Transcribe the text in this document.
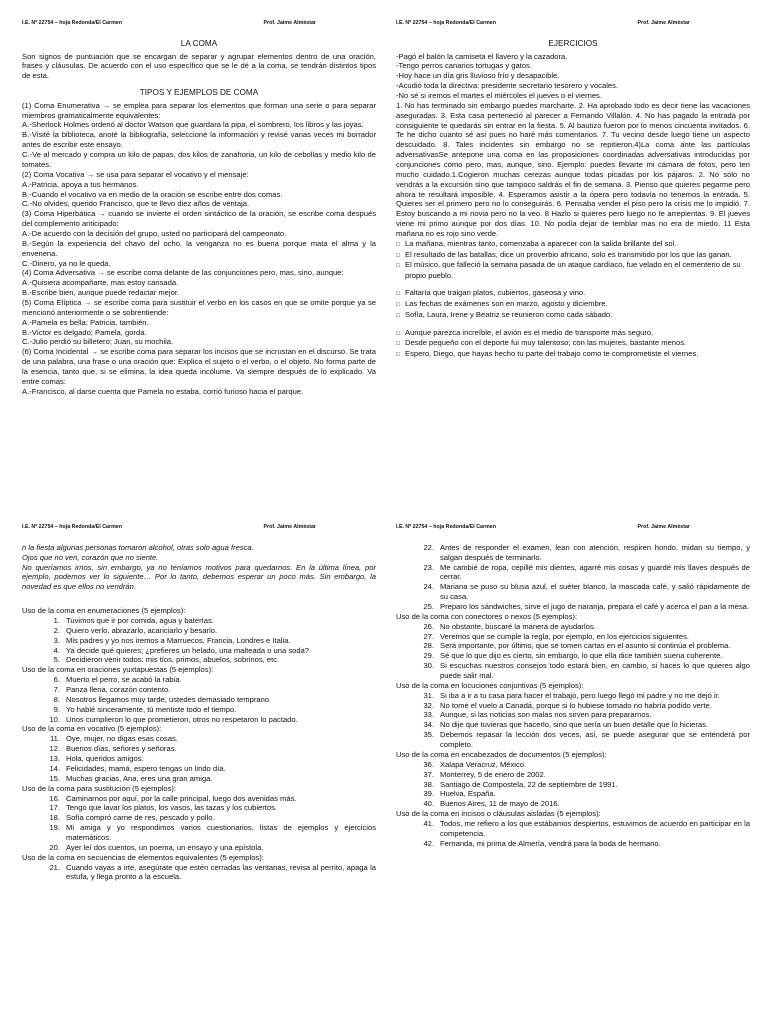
I.E. Nº 22754 – hoja Redonda/El Carmen	Prof. Jaime Alméstar

LA COMA

Son signos de puntuación que se encargan de separar y agrupar elementos dentro de una oración, frases y cláusulas. De acuerdo con el uso específico que se le dé a la coma, se tendrán distintos tipos de esta.

TIPOS Y EJEMPLOS DE COMA

(1) Coma Enumerativa → se emplea para separar los elementos que forman una serie o para separar miembros gramaticalmente equivalentes:

A.-Sherlock Holmes ordenó al doctor Watson que guardara la pipa, el sombrero, los libros y las joyas.

B.-Visité la biblioteca, anoté la bibliografía, seleccioné la información y revisé varias veces mi borrador antes de escribir este ensayo.

C.-Ve al mercado y compra un kilo de papas, dos kilos de zanahoria, un kilo de cebollas y medio kilo de tomates.

(2) Coma Vocativa → se usa para separar el vocativo y el mensaje:

A.-Patricia, apoya a tus hermanos.

B.-Cuando el vocativo va en medio de la oración se escribe entre dos comas.

C.-No olvides, querido Francisco, que te llevo diez años de ventaja.

(3) Coma Hiperbática → cuando se invierte el orden sintáctico de la oración, se escribe coma después del complemento anticipado:

A.-De acuerdo con la decisión del grupo, usted no participará del campeonato.

B.-Según la experiencia del chavo del ocho, la venganza no es buena porque mata el alma y la envenena.

C.-Dinero, ya no le queda.

(4) Coma Adversativa → se escribe coma delante de las conjunciones pero, mas, sino, aunque:

A.-Quisiera acompañarte, mas estoy cansada.

B.-Escribe bien, aunque puede redactar mejor.

(5) Coma Elíptica → se escribe coma para sustituir el verbo en los casos en que se omite porque ya se mencionó anteriormente o se sobrentiende:

A.-Pamela es bella; Patricia, también.

B.-Víctor es delgado; Pamela, gorda.

C.-Julio perdió su billetero; Juan, su mochila.

(6) Coma Incidental → se escribe coma para separar los incisos que se incrustan en el discurso. Se trata de una palabra, una frase o una oración que: Explica el sujeto o el verbo, o el objeto. No forma parte de la esencia, tanto que, si se elimina, la idea queda incólume. Va siempre después de lo explicado. Va entre comas:

A.-Francisco, al darse cuenta que Pamela no estaba, corrió furioso hacia el parque.

I.E. Nº 22754 – hoja Redonda/El Carmen	Prof. Jaime Alméstar

EJERCICIOS

-Pagó el balón la camiseta el llavero y la cazadora.

-Tengo perros canarios tortugas y gatos.

-Hoy hace un día gris lluvioso frío y desapacible.

-Acudió toda la directiva: presidente secretario tesorero y vocales.

-No sé si iremos el martes el miércoles el jueves o el viernes.

1. No has terminado sin embargo puedes marcharte. 2. Ha aprobado todo es decir tiene las vacaciones aseguradas. 3. Esta casa perteneció al parecer a Fernando Villalón. 4. No has pagado la entrada por consiguiente te quedarás sin entrar en la fiesta. 5. Al bautizo fueron por lo menos cincuenta invitados. 6. Te he dicho cuanto sé así pues no haré más comentarios. 7. Tu vecino desde luego tiene un aspecto descuidado. 8. Tales incidentes sin embargo no se repitieron.4)La coma ante las partículas adversativasSe antepone una coma en las proposiciones coordinadas adversativas introducidas por conjunciones como pero, mas, aunque, sino. Ejemplo: puedes llevarte mi cámara de fotos, pero ten mucho cuidado.1.Cogieron muchas cerezas aunque todas picadas por los pájaros. 2. No sólo no vendrás a la excursión sino que tampoco saldrás el fin de semana. 3. Pienso que quieres pegarme pero ahora te resultará imposible. 4. Esperamos asistir a la ópera pero todavía no tenemos la entrada. 5. Quieres ser el primero pero no lo conseguirás. 6. Pensaba vender el piso pero la crisis me lo impidió. 7. Estoy buscando a mi novia pero no la veo. 8 Hazlo si quieres pero luego no te arrepientas. 9. El jueves viene mi primo aunque por dos días. 10. No podía dejar de temblar mas no era de miedo. 11 Esta mañana no es rojo sino verde.

□ La mañana, mientras tanto, comenzaba a aparecer con la salida brillante del sol.

□ El resultado de las batallas, dice un proverbio africano, solo es transmitido por los que las ganan.

□ El músico, que falleció la semana pasada de un ataque cardíaco, fue velado en el cementerio de su propio pueblo.

□ Faltaría que traigan platos, cubiertos, gaseosa y vino.

□ Las fechas de exámenes son en marzo, agosto y diciembre.

□ Sofía, Laura, Irene y Beatriz se reunieron como cada sábado.

□ Aunque parezca increíble, el avión es el medio de transporte más seguro.

□ Desde pequeño con el deporte fui muy talentoso; con las mujeres, bastante menos.

□ Espero, Diego, que hayas hecho tu parte del trabajo como te comprometiste el viernes.

I.E. Nº 22754 – hoja Redonda/El Carmen	Prof. Jaime Alméstar

n la fiesta algunas personas tomaron alcohol, otras solo agua fresca.

Ojos que no ven, corazón que no siente.

No queríamos irnos, sin embargo, ya no teníamos motivos para quedarnos. En la última línea, por ejemplo, podemos ver lo siguiente… Por lo tanto, debemos esperar un poco más. Sin embargo, la novedad es que ellos no vendrán.

Uso de la coma en enumeraciones (5 ejemplos):

1. Tuvimos que ir por comida, agua y baterías.
2. Quiero verlo, abrazarlo, acariciarlo y besarlo.
3. Mis padres y yo nos iremos a Marruecos, Francia, Londres e Italia.
4. Ya decide qué quieres; ¿prefieres un helado, una malteada o una soda?
5. Decidieron venir todos: mis tíos, primos, abuelos, sobrinos, etc.

Uso de la coma en oraciones yuxtapuestas (5 ejemplos):

6. Muerto el perro, se acabó la rabia.
7. Panza llena, corazón contento.
8. Nosotros llegamos muy tarde, ustedes demasiado temprano.
9. Yo hablé sinceramente, tú mentiste todo el tiempo.
10. Unos cumplieron lo que prometieron, otros no respetaron lo pactado.

Uso de la coma en vocativo (5 ejemplos):

11. Oye, mujer, no digas esas cosas.
12. Buenos días, señores y señoras.
13. Hola, queridos amigos.
14. Felicidades, mamá, espero tengas un lindo día.
15. Muchas gracias, Ana, eres una gran amiga.

Uso de la coma para sustitución (5 ejemplos):

16. Caminarnos por aquí, por la calle principal, luego dos avenidas más.
17. Tengo que lavar los platos, los vasos, las tazas y los cubiertos.
18. Sofía compró carne de res, pescado y pollo.
19. Mi amiga y yo respondimos varios cuestionarios, listas de ejemplos y ejercicios matemáticos.
20. Ayer leí dos cuentos, un poema, un ensayo y una epístola.

Uso de la coma en secuencias de elementos equivalentes (5 ejemplos):

21. Cuando vayas a irte, asegúrate que estén cerradas las ventanas, revisa al perrito, apaga la estufa, y llega pronto a la escuela.
I.E. Nº 22754 – hoja Redonda/El Carmen	Prof. Jaime Alméstar
22. Antes de responder el examen, lean con atención, respiren hondo, midan su tiempo, y salgan después de terminarlo.
23. Me cambié de ropa, cepillé mis dientes, agarré mis cosas y guardé mis llaves después de cerrar.
24. Mariana se puso su blusa azul, el suéter blanco, la mascada café, y salió rápidamente de su casa.
25. Preparo los sándwiches, sirve el jugo de naranja, prepara el café y acerca el pan a la mesa.

Uso de la coma con conectores o nexos (5 ejemplos):

26. No obstante, buscaré la manera de ayudarlos.
27. Veremos que se cumple la regla, por ejemplo, en los ejercicios siguientes.
28. Será importante, por último, que se tomen cartas en el asunto si continúa el problema.
29. Sé que lo que dijo es cierto, sin embargo, lo que ella dice también suena coherente.
30. Si escuchas nuestros consejos todo estará bien, en cambio, si haces lo que quieres algo puede salir mal.

Uso de la coma en locuciones conjuntivas (5 ejemplos):

31. Si iba a ir a tu casa para hacer el trabajo, pero luego llegó mi padre y no me dejó ir.
32. No tomé el vuelo a Canadá, porque si lo hubiese tomado no habría podido verte.
33. Aunque, si las noticias son malas nos sirven para prepararnos.
34. No dije que tuvieras que hacerlo, sino que sería un buen detalle que lo hicieras.
35. Debemos repasar la lección dos veces, así, se puede asegurar que se entenderá por completo.

Uso de la coma en encabezados de documentos (5 ejemplos):

36. Xalapa Veracruz, México.
37. Monterrey, 5 de enero de 2002.
38. Santiago de Compostela, 22 de septiembre de 1991.
39. Huelva, España.
40. Buenos Aires, 11 de mayo de 2016.

Uso de la coma en incisos o cláusulas aisladas (5 ejemplos):

41. Todos, me refiero a los que estábamos despiertos, estuvimos de acuerdo en participar en la competencia.
42. Fernanda, mi prima de Almería, vendrá para la boda de hermano.
